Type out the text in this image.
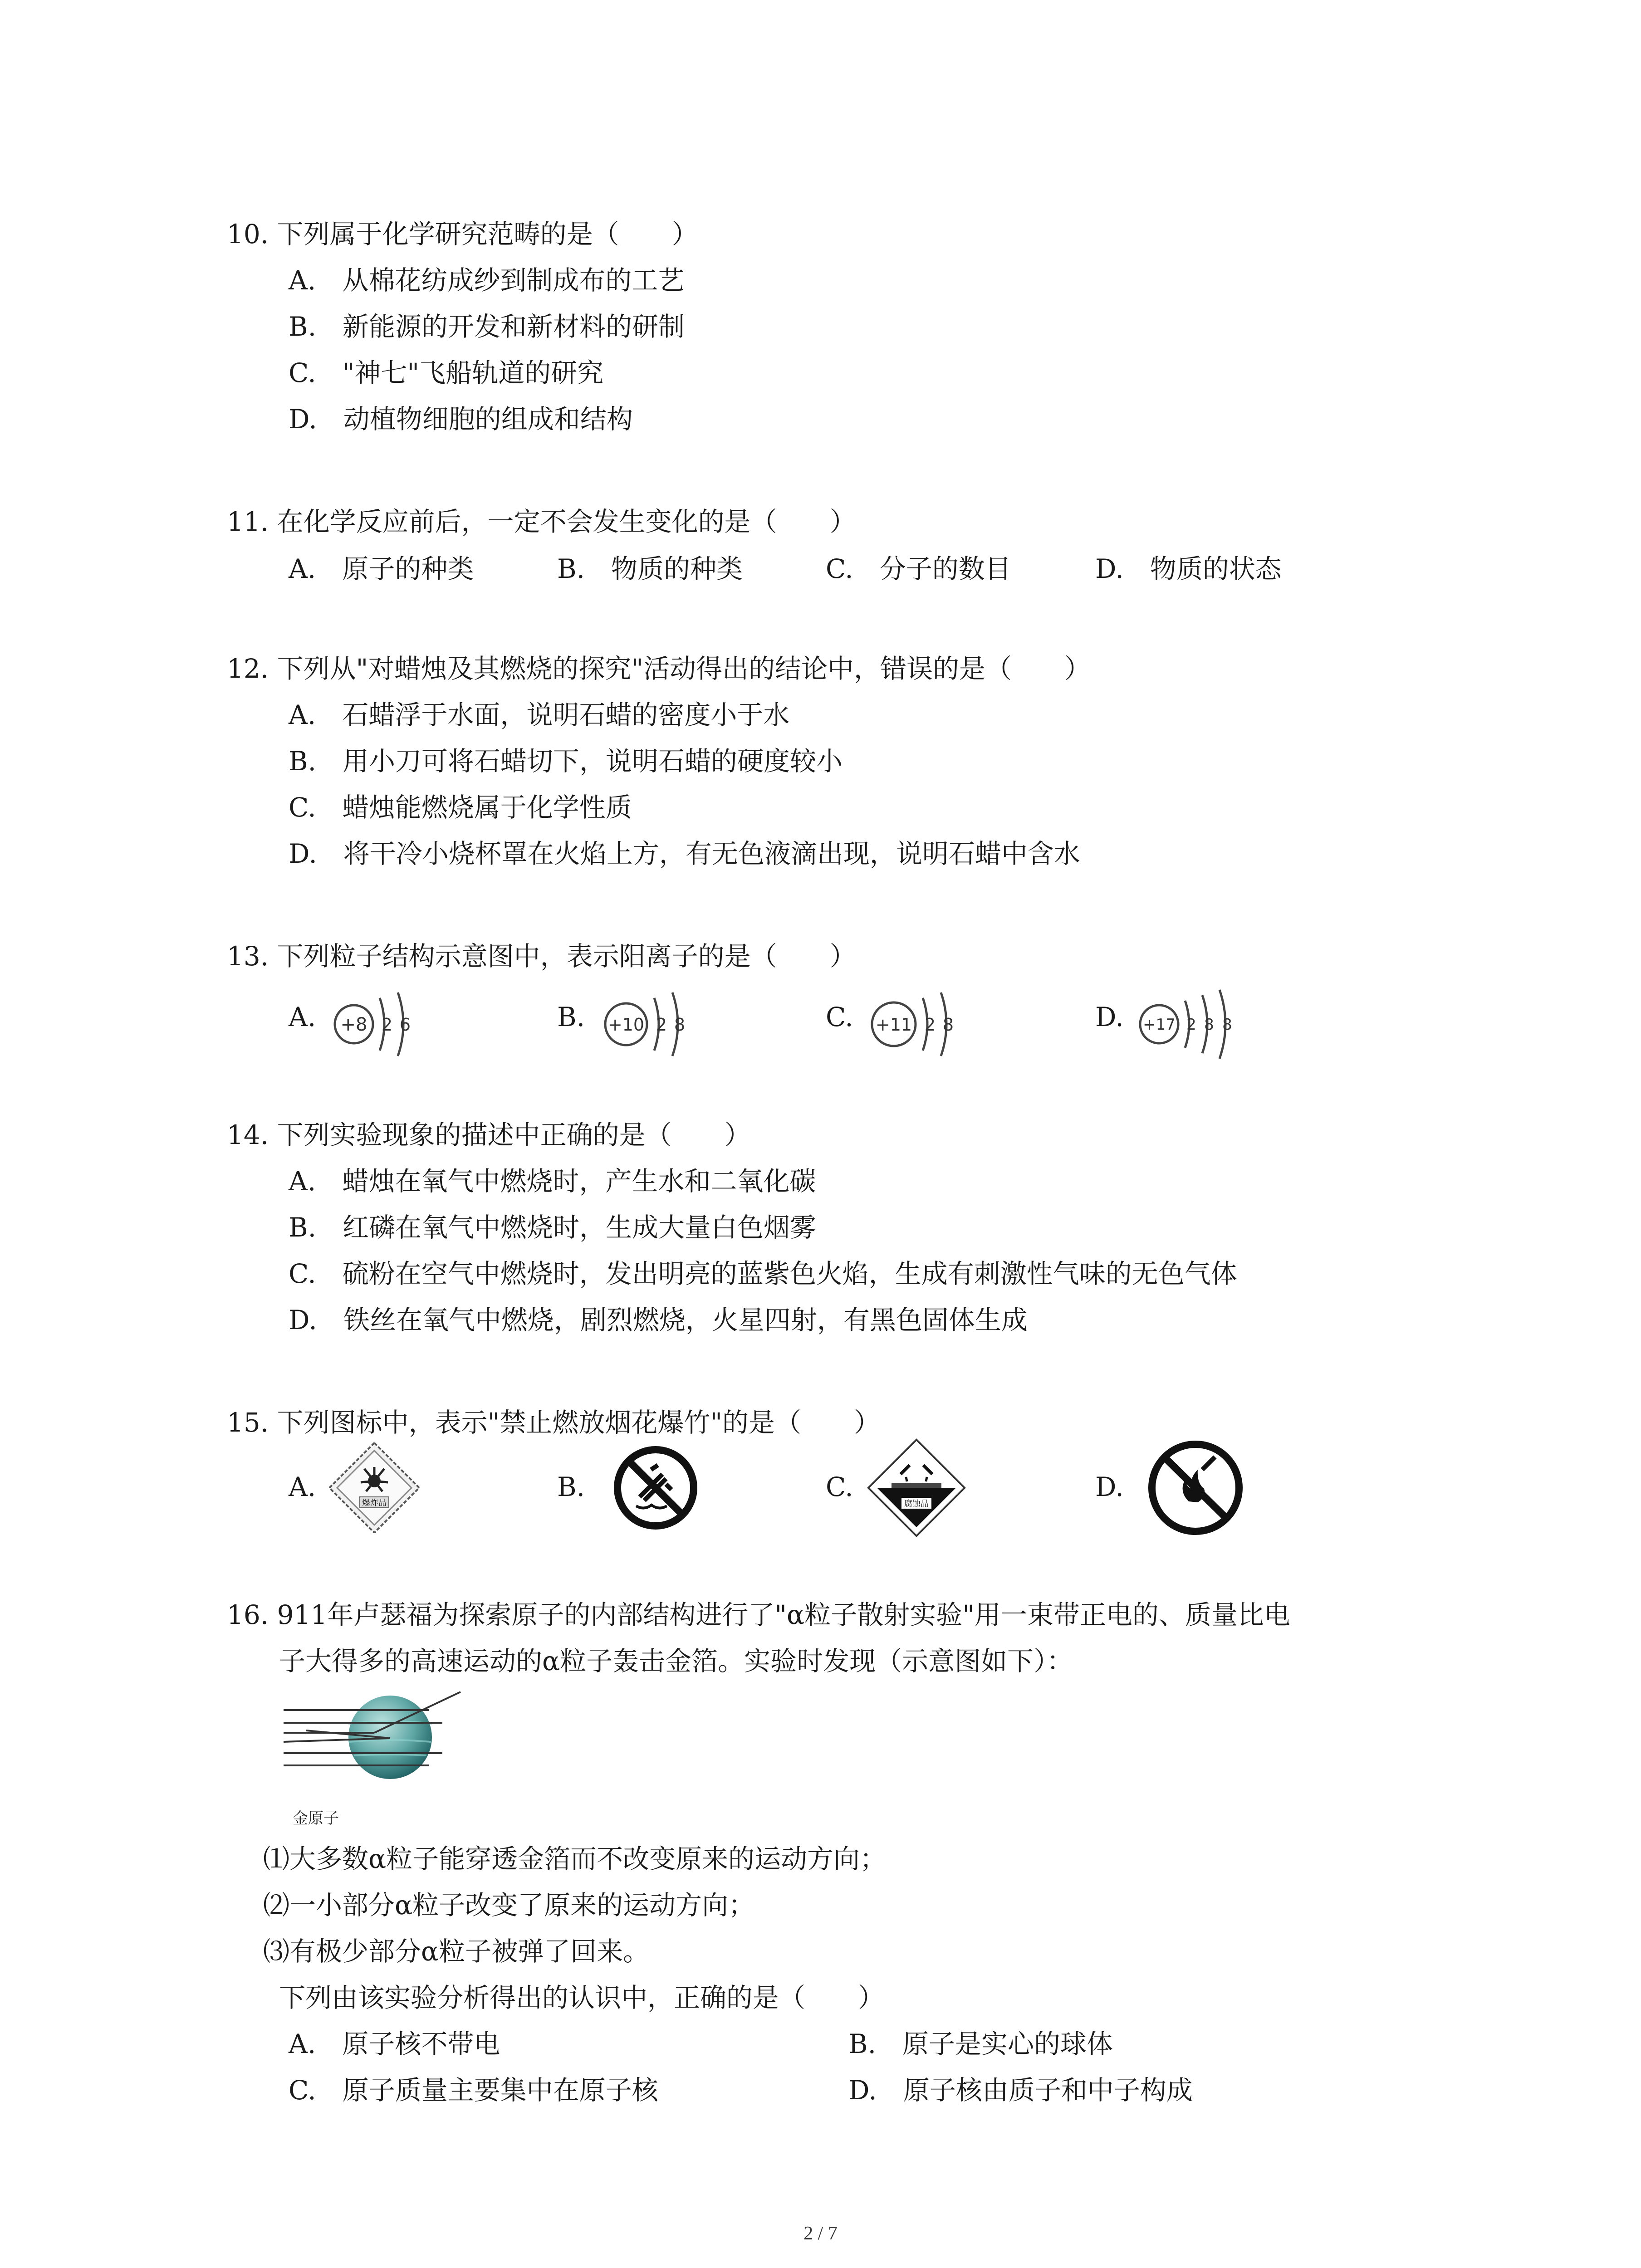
10. 下列属于化学研究范畴的是（　　）
A.　从棉花纺成纱到制成布的工艺
B.　新能源的开发和新材料的研制
C.　"神七"飞船轨道的研究
D.　动植物细胞的组成和结构
11. 在化学反应前后，一定不会发生变化的是（　　）
A.　原子的种类	B.　物质的种类	C.　分子的数目	D.　物质的状态
12. 下列从"对蜡烛及其燃烧的探究"活动得出的结论中，错误的是（　　）
A.　石蜡浮于水面，说明石蜡的密度小于水
B.　用小刀可将石蜡切下，说明石蜡的硬度较小
C.　蜡烛能燃烧属于化学性质
D.　将干冷小烧杯罩在火焰上方，有无色液滴出现，说明石蜡中含水
13. 下列粒子结构示意图中，表示阳离子的是（　　）
A.	B.	C.	D.
+8 2 6	+10 2 8	+11 2 8	+17 2 8 8
14. 下列实验现象的描述中正确的是（　　）
A.　蜡烛在氧气中燃烧时，产生水和二氧化碳
B.　红磷在氧气中燃烧时，生成大量白色烟雾
C.　硫粉在空气中燃烧时，发出明亮的蓝紫色火焰，生成有刺激性气味的无色气体
D.　铁丝在氧气中燃烧，剧烈燃烧，火星四射，有黑色固体生成
15. 下列图标中，表示"禁止燃放烟花爆竹"的是（　　）
A.	B.	C.	D.
爆炸品	腐蚀品
16. 911年卢瑟福为探索原子的内部结构进行了"α粒子散射实验"用一束带正电的、质量比电
子大得多的高速运动的α粒子轰击金箔。实验时发现（示意图如下）：
金原子
⑴大多数α粒子能穿透金箔而不改变原来的运动方向；
⑵一小部分α粒子改变了原来的运动方向；
⑶有极少部分α粒子被弹了回来。
下列由该实验分析得出的认识中，正确的是（　　）
A.　原子核不带电	B.　原子是实心的球体
C.　原子质量主要集中在原子核	D.　原子核由质子和中子构成
2 / 7
